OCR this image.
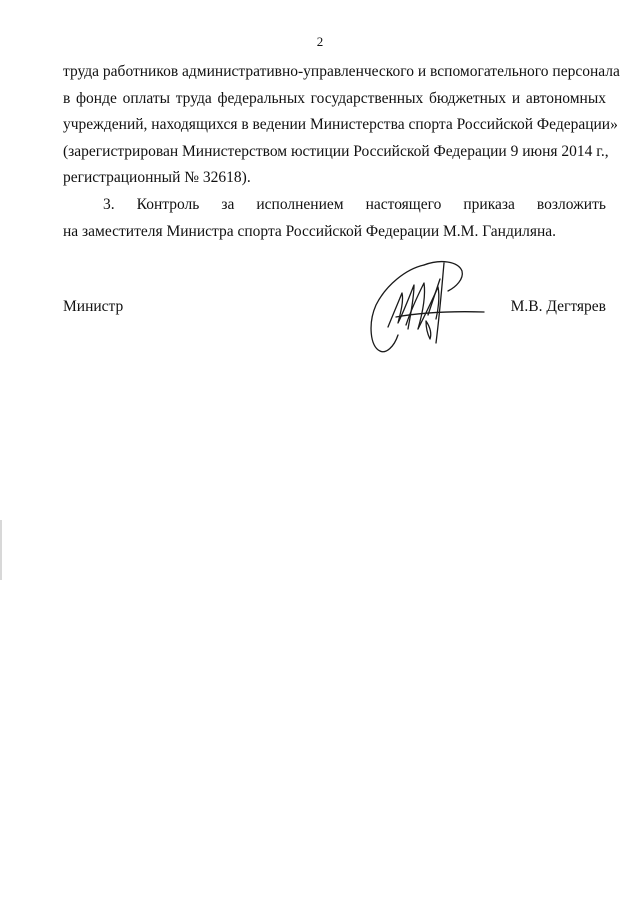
2
труда работников административно-управленческого и вспомогательного персонала
в фонде оплаты труда федеральных государственных бюджетных и автономных
учреждений, находящихся в ведении Министерства спорта Российской Федерации»
(зарегистрирован Министерством юстиции Российской Федерации 9 июня 2014 г.,
регистрационный № 32618).
3. Контроль за исполнением настоящего приказа возложить
на заместителя Министра спорта Российской Федерации М.М. Гандиляна.
Министр	М.В. Дегтярев
